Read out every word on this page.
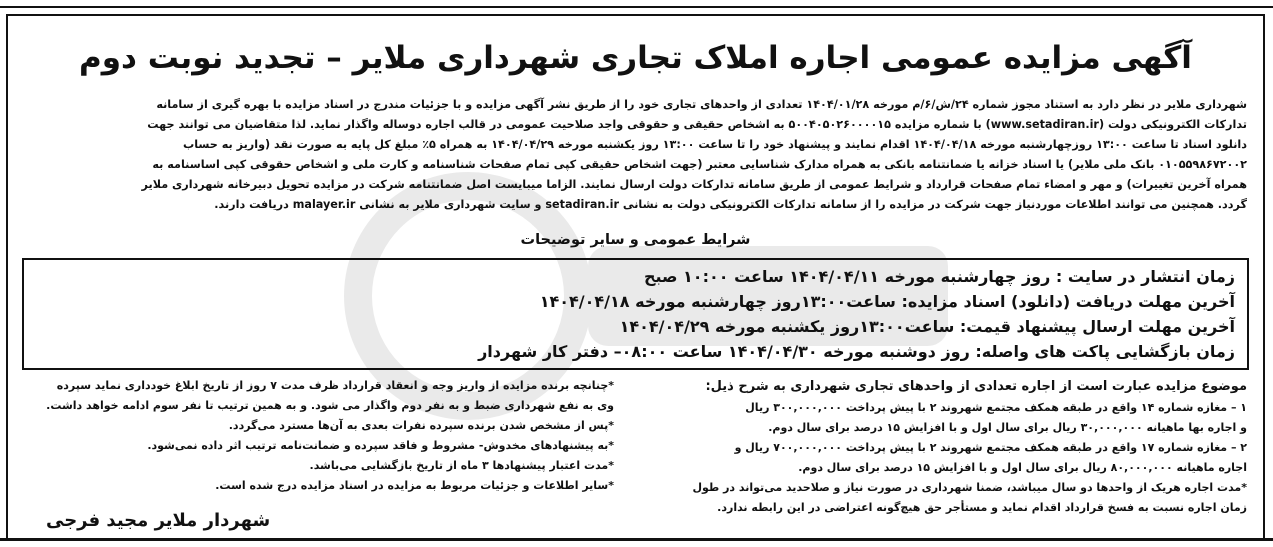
آگهی مزایده عمومی اجاره املاک تجاری شهرداری ملایر – تجدید نوبت دوم

شهرداری ملایر در نظر دارد به استناد مجوز شماره ۲۴/ش/۶/م مورخه ۱۴۰۴/۰۱/۲۸ تعدادی از واحدهای تجاری خود را از طریق نشر آگهی مزایده و با جزئیات مندرج در اسناد مزایده با بهره گیری از سامانه

تدارکات الکترونیکی دولت (www.setadiran.ir) با شماره مزایده ۵۰۰۴۰۵۰۲۶۰۰۰۰۱۵ به اشخاص حقیقی و حقوقی واجد صلاحیت عمومی در قالب اجاره دوساله واگذار نماید. لذا متقاضیان می توانند جهت

دانلود اسناد تا ساعت ۱۳:۰۰ روزچهارشنبه مورخه ۱۴۰۴/۰۴/۱۸ اقدام نمایند و پیشنهاد خود را تا ساعت ۱۳:۰۰ روز یکشنبه مورخه ۱۴۰۴/۰۴/۲۹ به همراه ۵٪ مبلغ کل پایه به صورت نقد (واریز به حساب

۰۱۰۵۵۹۸۶۷۲۰۰۲ بانک ملی ملایر) یا اسناد خزانه یا ضمانتنامه بانکی به همراه مدارک شناسایی معتبر (جهت اشخاص حقیقی کپی تمام صفحات شناسنامه و کارت ملی و اشخاص حقوقی کپی اساسنامه به

همراه آخرین تغییرات) و مهر و امضاء تمام صفحات قرارداد و شرایط عمومی از طریق سامانه تدارکات دولت ارسال نمایند. الزاما میبایست اصل ضمانتنامه شرکت در مزایده تحویل دبیرخانه شهرداری ملایر

گردد. همچنین می توانند اطلاعات موردنیاز جهت شرکت در مزایده را از سامانه تدارکات الکترونیکی دولت به نشانی setadiran.ir و سایت شهرداری ملایر به نشانی malayer.ir دریافت دارند.

شرایط عمومی و سایر توضیحات
زمان انتشار در سایت : روز چهارشنبه مورخه ۱۴۰۴/۰۴/۱۱ ساعت ۱۰:۰۰ صبح
آخرین مهلت دریافت (دانلود) اسناد مزایده: ساعت۱۳:۰۰روز چهارشنبه مورخه ۱۴۰۴/۰۴/۱۸
آخرین مهلت ارسال پیشنهاد قیمت: ساعت۱۳:۰۰روز یکشنبه مورخه ۱۴۰۴/۰۴/۲۹
زمان بازگشایی پاکت های واصله: روز دوشنبه مورخه ۱۴۰۴/۰۴/۳۰ ساعت ۰۸:۰۰– دفتر کار شهردار

موضوع مزایده عبارت است از اجاره تعدادی از واحدهای تجاری شهرداری به شرح ذیل:

۱ – مغازه شماره ۱۴ واقع در طبقه همکف مجتمع شهروند ۲ با پیش پرداخت ۳۰۰,۰۰۰,۰۰۰ ریال

و اجاره بها ماهیانه ۳۰,۰۰۰,۰۰۰ ریال برای سال اول و با افزایش ۱۵ درصد برای سال دوم.

۲ – مغازه شماره ۱۷ واقع در طبقه همکف مجتمع شهروند ۲ با پیش پرداخت ۷۰۰,۰۰۰,۰۰۰ ریال و

اجاره ماهیانه ۸۰,۰۰۰,۰۰۰ ریال برای سال اول و با افزایش ۱۵ درصد برای سال دوم.

*مدت اجاره هریک از واحدها دو سال میباشد، ضمنا شهرداری در صورت نیاز و صلاحدید می‌تواند در طول

زمان اجاره نسبت به فسخ قرارداد اقدام نماید و مستأجر حق هیچ‌گونه اعتراضی در این رابطه ندارد.

*چنانچه برنده مزایده از واریز وجه و انعقاد قرارداد ظرف مدت ۷ روز از تاریخ ابلاغ خودداری نماید سپرده

وی به نفع شهرداری ضبط و به نفر دوم واگذار می شود. و به همین ترتیب تا نفر سوم ادامه خواهد داشت.

*پس از مشخص شدن برنده سپرده نفرات بعدی به آن‌ها مسترد می‌گردد.

*به پیشنهادهای مخدوش- مشروط و فاقد سپرده و ضمانت‌نامه ترتیب اثر داده نمی‌شود.

*مدت اعتبار پیشنهادها ۳ ماه از تاریخ بازگشایی می‌باشد.

*سایر اطلاعات و جزئیات مربوط به مزایده در اسناد مزایده درج شده است.

شهردار ملایر مجید فرجی
